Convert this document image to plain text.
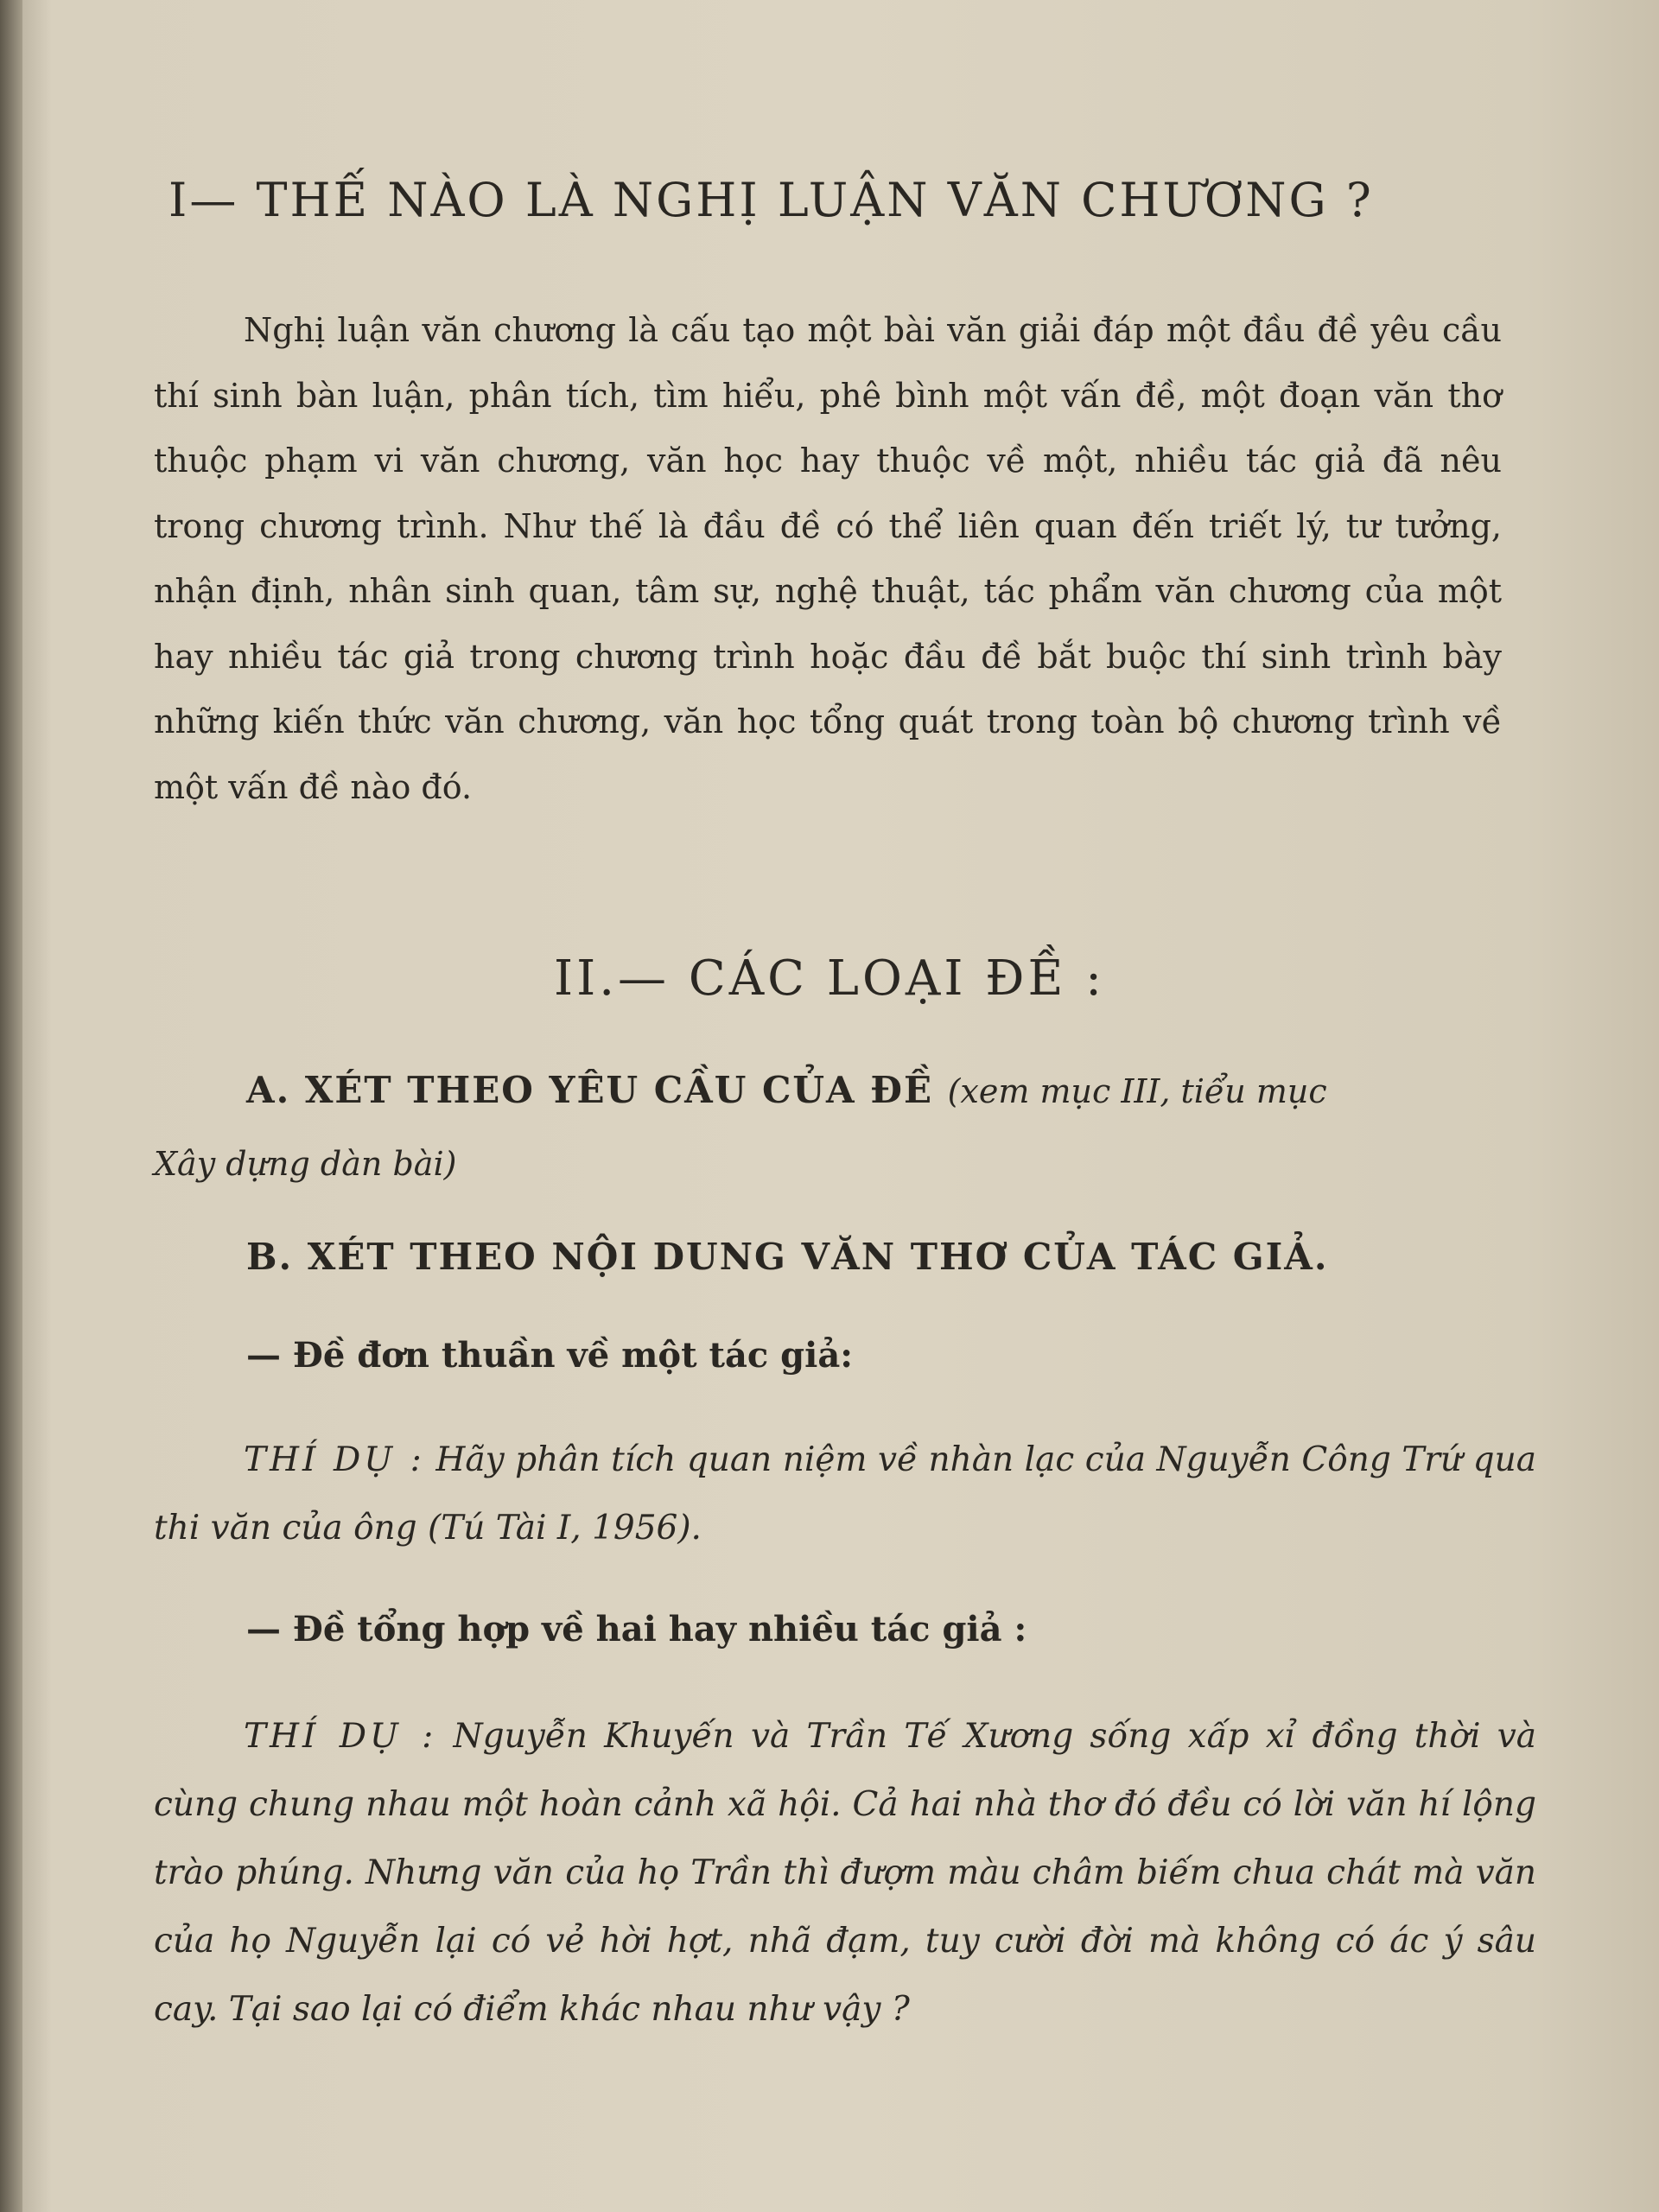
I— THẾ NÀO LÀ NGHỊ LUẬN VĂN CHƯƠNG ?
Nghị luận văn chương là cấu tạo một bài văn giải đáp một đầu đề yêu cầu thí sinh bàn luận, phân tích, tìm hiểu, phê bình một vấn đề, một đoạn văn thơ thuộc phạm vi văn chương, văn học hay thuộc về một, nhiều tác giả đã nêu trong chương trình. Như thế là đầu đề có thể liên quan đến triết lý, tư tưởng, nhận định, nhân sinh quan, tâm sự, nghệ thuật, tác phẩm văn chương của một hay nhiều tác giả trong chương trình hoặc đầu đề bắt buộc thí sinh trình bày những kiến thức văn chương, văn học tổng quát trong toàn bộ chương trình về một vấn đề nào đó.
II.— CÁC LOẠI ĐỀ :
A. XÉT THEO YÊU CẦU CỦA ĐỀ (xem mục III, tiểu mục
Xây dựng dàn bài)
B. XÉT THEO NỘI DUNG VĂN THƠ CỦA TÁC GIẢ.
— Đề đơn thuần về một tác giả:
THÍ DỤ : Hãy phân tích quan niệm về nhàn lạc của Nguyễn Công Trứ qua thi văn của ông (Tú Tài I, 1956).
— Đề tổng hợp về hai hay nhiều tác giả :
THÍ DỤ : Nguyễn Khuyến và Trần Tế Xương sống xấp xỉ đồng thời và cùng chung nhau một hoàn cảnh xã hội. Cả hai nhà thơ đó đều có lời văn hí lộng trào phúng. Nhưng văn của họ Trần thì đượm màu châm biếm chua chát mà văn của họ Nguyễn lại có vẻ hời hợt, nhã đạm, tuy cười đời mà không có ác ý sâu cay. Tại sao lại có điểm khác nhau như vậy ?
